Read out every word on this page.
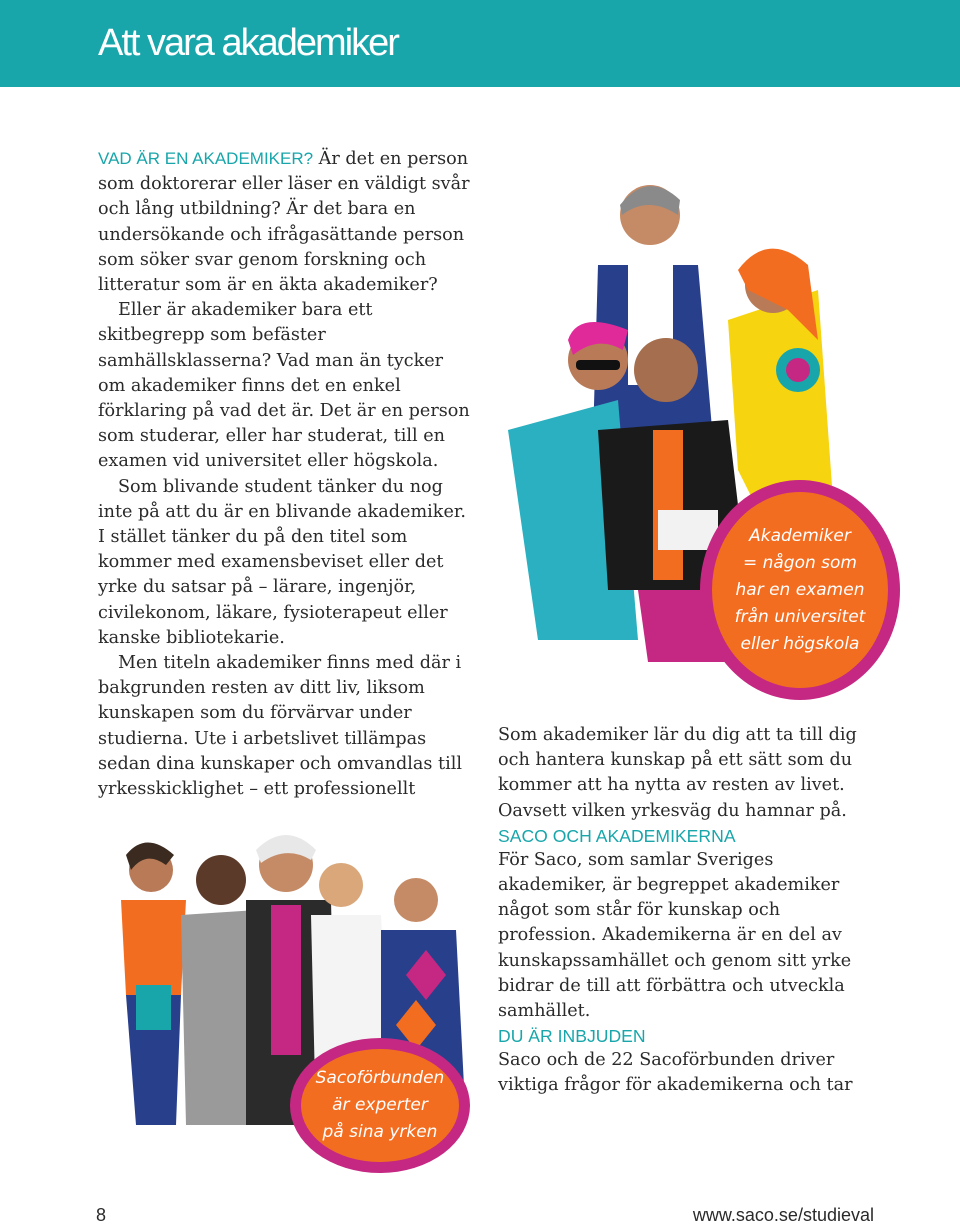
Att vara akademiker

VAD ÄR EN AKADEMIKER? Är det en person som doktorerar eller läser en väldigt svår och lång utbildning? Är det bara en undersökande och ifrågasättande person som söker svar genom forskning och litteratur som är en äkta akademiker?

Eller är akademiker bara ett skitbegrepp som befäster samhällsklasserna? Vad man än tycker om akademiker finns det en enkel förklaring på vad det är. Det är en person som studerar, eller har studerat, till en examen vid universitet eller högskola.

Som blivande student tänker du nog inte på att du är en blivande akademiker. I stället tänker du på den titel som kommer med examensbeviset eller det yrke du satsar på – lärare, ingenjör, civilekonom, läkare, fysioterapeut eller kanske bibliotekarie.

Men titeln akademiker finns med där i bakgrunden resten av ditt liv, liksom kunskapen som du förvärvar under studierna. Ute i arbetslivet tillämpas sedan dina kunskaper och omvandlas till yrkesskicklighet – ett professionellt

Akademiker
= någon som
har en examen
från universitet
eller högskola

Som akademiker lär du dig att ta till dig och hantera kunskap på ett sätt som du kommer att ha nytta av resten av livet. Oavsett vilken yrkesväg du hamnar på.

SACO OCH AKADEMIKERNA

För Saco, som samlar Sveriges akademiker, är begreppet akademiker något som står för kunskap och profession. Akademikerna är en del av kunskapssamhället och genom sitt yrke bidrar de till att förbättra och utveckla samhället.

DU ÄR INBJUDEN

Saco och de 22 Sacoförbunden driver viktiga frågor för akademikerna och tar

Sacoförbunden
är experter
på sina yrken
8	www.saco.se/studieval
